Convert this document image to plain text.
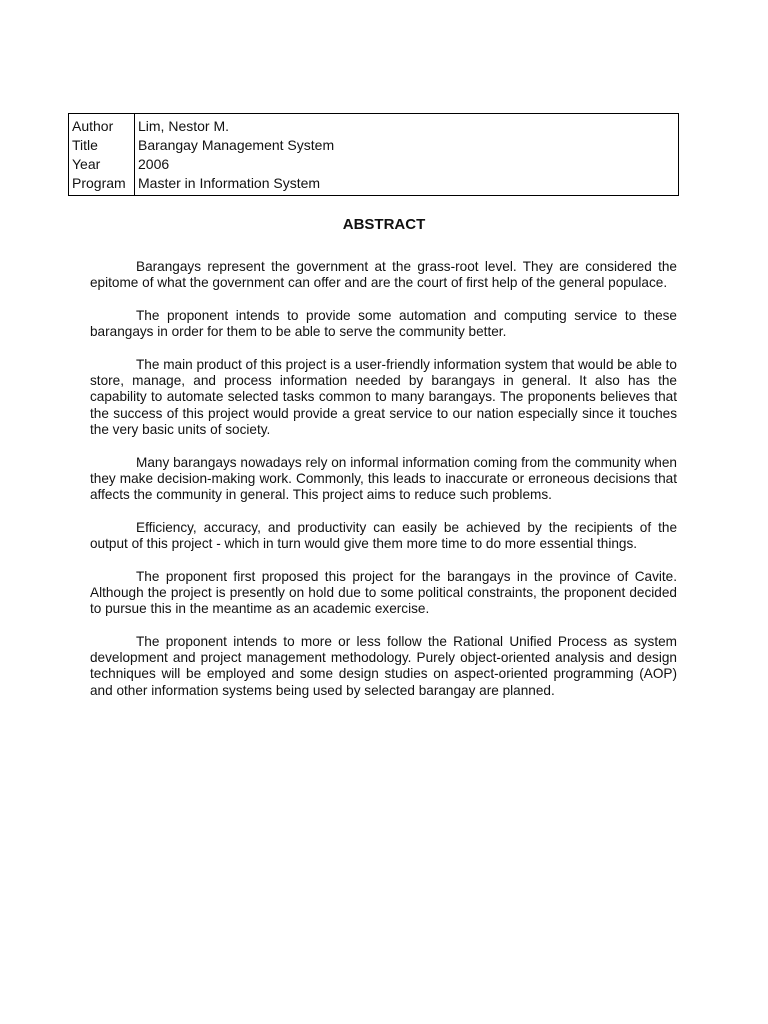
Author
Title
Year
Program
Lim, Nestor M.
Barangay Management System
2006
Master in Information System
ABSTRACT

Barangays represent the government at the grass-root level. They are considered the epitome of what the government can offer and are the court of first help of the general populace.

The proponent intends to provide some automation and computing service to these barangays in order for them to be able to serve the community better.

The main product of this project is a user-friendly information system that would be able to store, manage, and process information needed by barangays in general. It also has the capability to automate selected tasks common to many barangays. The proponents believes that the success of this project would provide a great service to our nation especially since it touches the very basic units of society.

Many barangays nowadays rely on informal information coming from the community when they make decision-making work. Commonly, this leads to inaccurate or erroneous decisions that affects the community in general. This project aims to reduce such problems.

Efficiency, accuracy, and productivity can easily be achieved by the recipients of the output of this project - which in turn would give them more time to do more essential things.

The proponent first proposed this project for the barangays in the province of Cavite. Although the project is presently on hold due to some political constraints, the proponent decided to pursue this in the meantime as an academic exercise.

The proponent intends to more or less follow the Rational Unified Process as system development and project management methodology. Purely object-oriented analysis and design techniques will be employed and some design studies on aspect-oriented programming (AOP) and other information systems being used by selected barangay are planned.
